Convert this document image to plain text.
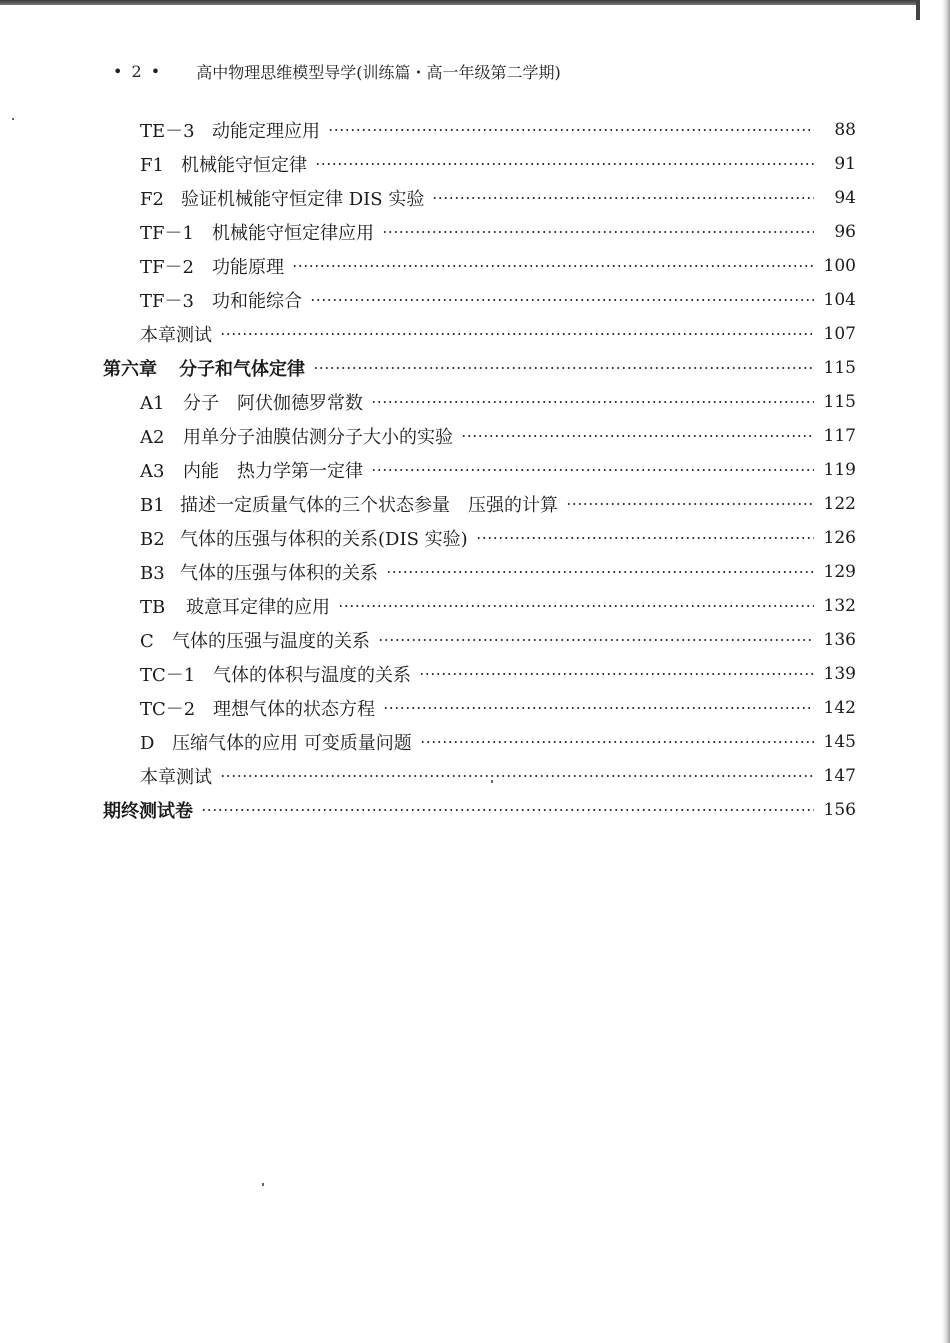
• 2 • 高中物理思维模型导学(训练篇・高一年级第二学期)
TE－3 动能定理应用	88
F1 机械能守恒定律	91
F2 验证机械能守恒定律 DIS 实验	94
TF－1 机械能守恒定律应用	96
TF－2 功能原理	100
TF－3 功和能综合	104
本章测试	107
第六章 分子和气体定律	115
A1 分子　阿伏伽德罗常数	115
A2 用单分子油膜估测分子大小的实验	117
A3 内能　热力学第一定律	119
B1 描述一定质量气体的三个状态参量　压强的计算	122
B2 气体的压强与体积的关系(DIS 实验)	126
B3 气体的压强与体积的关系	129
TB 玻意耳定律的应用	132
C 气体的压强与温度的关系	136
TC－1 气体的体积与温度的关系	139
TC－2 理想气体的状态方程	142
D 压缩气体的应用 可变质量问题	145
本章测试	147
期终测试卷	156
